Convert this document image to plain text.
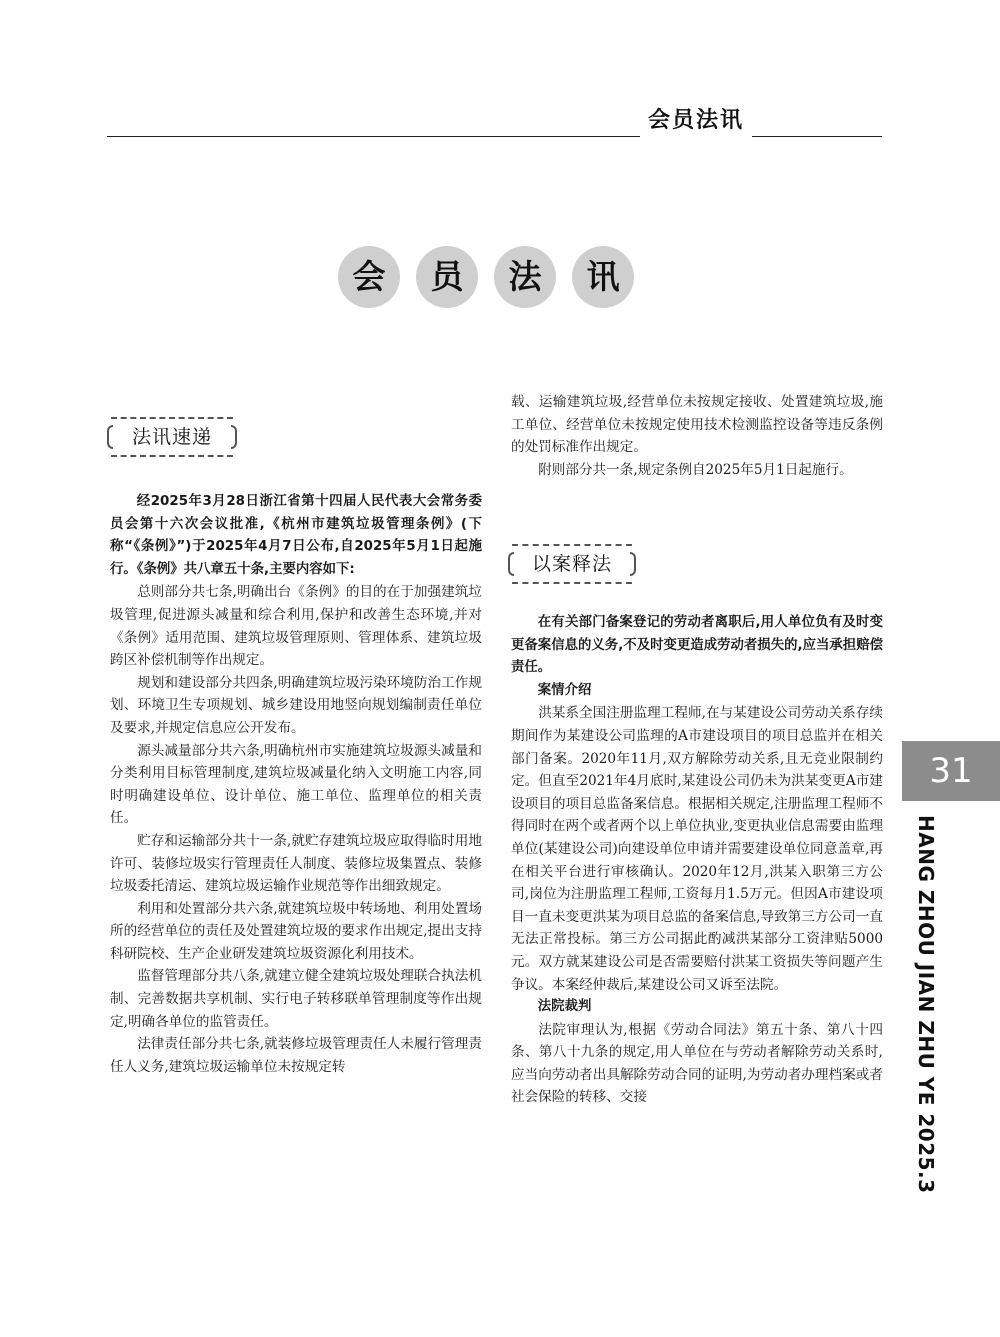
会员法讯
会	员	法	讯
法讯速递

经2025年3月28日浙江省第十四届人民代表大会常务委员会第十六次会议批准,《杭州市建筑垃圾管理条例》(下称“《条例》”)于2025年4月7日公布,自2025年5月1日起施行。《条例》共八章五十条,主要内容如下:

总则部分共七条,明确出台《条例》的目的在于加强建筑垃圾管理,促进源头减量和综合利用,保护和改善生态环境,并对《条例》适用范围、建筑垃圾管理原则、管理体系、建筑垃圾跨区补偿机制等作出规定。

规划和建设部分共四条,明确建筑垃圾污染环境防治工作规划、环境卫生专项规划、城乡建设用地竖向规划编制责任单位及要求,并规定信息应公开发布。

源头减量部分共六条,明确杭州市实施建筑垃圾源头减量和分类利用目标管理制度,建筑垃圾减量化纳入文明施工内容,同时明确建设单位、设计单位、施工单位、监理单位的相关责任。

贮存和运输部分共十一条,就贮存建筑垃圾应取得临时用地许可、装修垃圾实行管理责任人制度、装修垃圾集置点、装修垃圾委托清运、建筑垃圾运输作业规范等作出细致规定。

利用和处置部分共六条,就建筑垃圾中转场地、利用处置场所的经营单位的责任及处置建筑垃圾的要求作出规定,提出支持科研院校、生产企业研发建筑垃圾资源化利用技术。

监督管理部分共八条,就建立健全建筑垃圾处理联合执法机制、完善数据共享机制、实行电子转移联单管理制度等作出规定,明确各单位的监管责任。

法律责任部分共七条,就装修垃圾管理责任人未履行管理责任人义务,建筑垃圾运输单位未按规定转

载、运输建筑垃圾,经营单位未按规定接收、处置建筑垃圾,施工单位、经营单位未按规定使用技术检测监控设备等违反条例的处罚标准作出规定。

附则部分共一条,规定条例自2025年5月1日起施行。

以案释法

在有关部门备案登记的劳动者离职后,用人单位负有及时变更备案信息的义务,不及时变更造成劳动者损失的,应当承担赔偿责任。

案情介绍

洪某系全国注册监理工程师,在与某建设公司劳动关系存续期间作为某建设公司监理的A市建设项目的项目总监并在相关部门备案。2020年11月,双方解除劳动关系,且无竞业限制约定。但直至2021年4月底时,某建设公司仍未为洪某变更A市建设项目的项目总监备案信息。根据相关规定,注册监理工程师不得同时在两个或者两个以上单位执业,变更执业信息需要由监理单位(某建设公司)向建设单位申请并需要建设单位同意盖章,再在相关平台进行审核确认。2020年12月,洪某入职第三方公司,岗位为注册监理工程师,工资每月1.5万元。但因A市建设项目一直未变更洪某为项目总监的备案信息,导致第三方公司一直无法正常投标。第三方公司据此酌减洪某部分工资津贴5000元。双方就某建设公司是否需要赔付洪某工资损失等问题产生争议。本案经仲裁后,某建设公司又诉至法院。

法院裁判

法院审理认为,根据《劳动合同法》第五十条、第八十四条、第八十九条的规定,用人单位在与劳动者解除劳动关系时,应当向劳动者出具解除劳动合同的证明,为劳动者办理档案或者社会保险的转移、交接

31
HANG ZHOU JIAN ZHU YE 2025.3
